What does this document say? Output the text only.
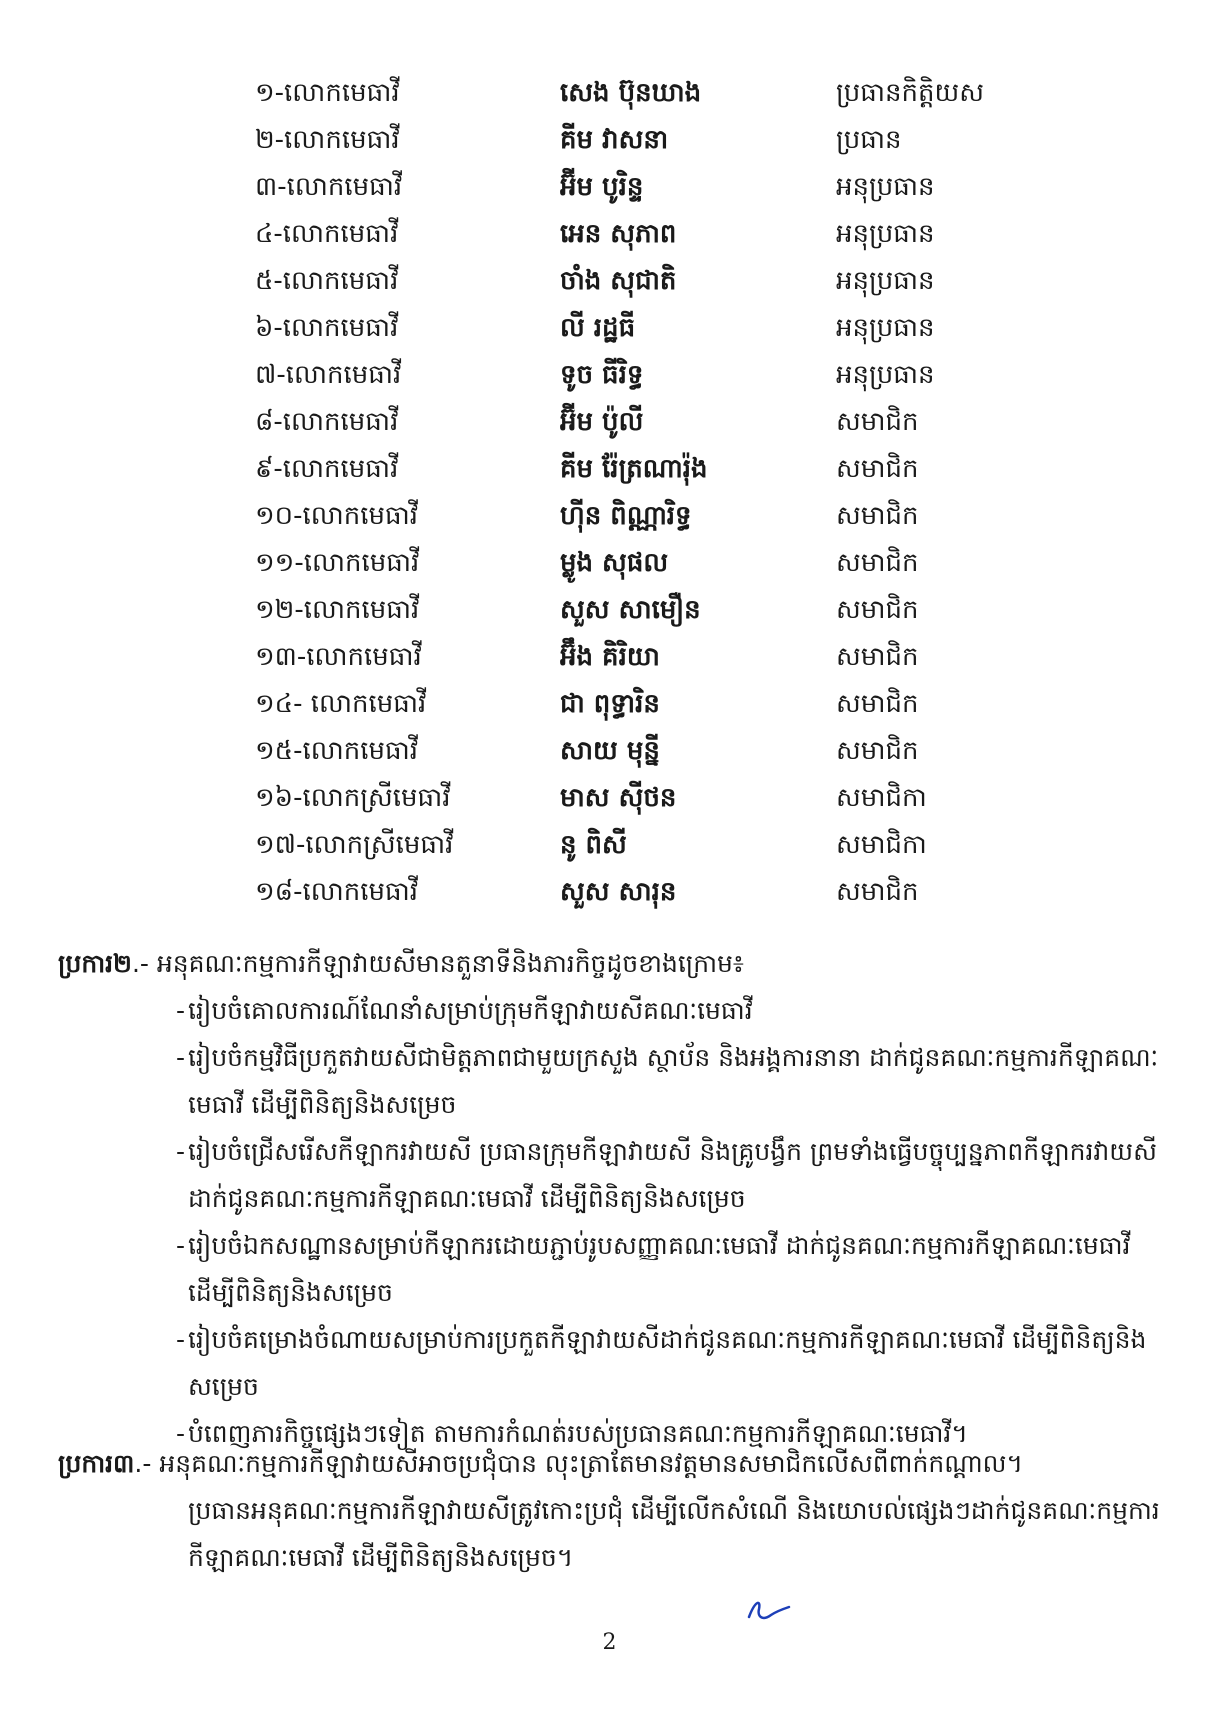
១-លោកមេធាវី	សេង ប៊ុនឃាង	ប្រធានកិត្តិយស
២-លោកមេធាវី	គីម វាសនា	ប្រធាន
៣-លោកមេធាវី	អ៊ីម បូរិន្ទ	អនុប្រធាន
៤-លោកមេធាវី	អេន សុភាព	អនុប្រធាន
៥-លោកមេធាវី	ចាំង សុជាតិ	អនុប្រធាន
៦-លោកមេធាវី	លី រដ្ឋធី	អនុប្រធាន
៧-លោកមេធាវី	ទូច ធីរិទ្ធ	អនុប្រធាន
៨-លោកមេធាវី	អ៊ីម ប៉ូលី	សមាជិក
៩-លោកមេធាវី	គីម រ៉ែត្រណារ៉ុង	សមាជិក
១០-លោកមេធាវី	ហ៊ីន ពិណ្ណារិទ្ធ	សមាជិក
១១-លោកមេធាវី	ម្លូង សុផល	សមាជិក
១២-លោកមេធាវី	សួស សាមឿន	សមាជិក
១៣-លោកមេធាវី	អ៊ឹង គិរិយា	សមាជិក
១៤- លោកមេធាវី	ជា ពុទ្ធារិន	សមាជិក
១៥-លោកមេធាវី	សាយ មុន្នី	សមាជិក
១៦-លោកស្រីមេធាវី	មាស ស៊ីថន	សមាជិកា
១៧-លោកស្រីមេធាវី	នូ ពិសី	សមាជិកា
១៨-លោកមេធាវី	សួស សារុន	សមាជិក
ប្រការ២.- អនុគណៈកម្មការកីឡាវាយសីមានតួនាទីនិងភារកិច្ចដូចខាងក្រោម៖
- រៀបចំគោលការណ៍ណែនាំសម្រាប់ក្រុមកីឡាវាយសីគណៈមេធាវី
- រៀបចំកម្មវិធីប្រកួតវាយសីជាមិត្តភាពជាមួយក្រសួង ស្ថាប័ន និងអង្គការនានា ដាក់ជូនគណៈកម្មការកីឡាគណៈមេធាវី ដើម្បីពិនិត្យនិងសម្រេច
- រៀបចំជ្រើសរើសកីឡាករវាយសី ប្រធានក្រុមកីឡាវាយសី និងគ្រូបង្វឹក ព្រមទាំងធ្វើបច្ចុប្បន្នភាពកីឡាករវាយសី ដាក់ជូនគណៈកម្មការកីឡាគណៈមេធាវី ដើម្បីពិនិត្យនិងសម្រេច
- រៀបចំឯកសណ្ឋានសម្រាប់កីឡាករដោយភ្ជាប់រូបសញ្ញាគណៈមេធាវី ដាក់ជូនគណៈកម្មការកីឡាគណៈមេធាវី ដើម្បីពិនិត្យនិងសម្រេច
- រៀបចំគម្រោងចំណាយសម្រាប់ការប្រកួតកីឡាវាយសីដាក់ជូនគណៈកម្មការកីឡាគណៈមេធាវី ដើម្បីពិនិត្យនិងសម្រេច
- បំពេញភារកិច្ចផ្សេងៗទៀត តាមការកំណត់របស់ប្រធានគណៈកម្មការកីឡាគណៈមេធាវី។
ប្រការ៣.- អនុគណៈកម្មការកីឡាវាយសីអាចប្រជុំបាន លុះត្រាតែមានវត្តមានសមាជិកលើសពីពាក់កណ្តាល។
ប្រធានអនុគណៈកម្មការកីឡាវាយសីត្រូវកោះប្រជុំ ដើម្បីលើកសំណើ និងយោបល់ផ្សេងៗដាក់ជូនគណៈកម្មការកីឡាគណៈមេធាវី ដើម្បីពិនិត្យនិងសម្រេច។
2
